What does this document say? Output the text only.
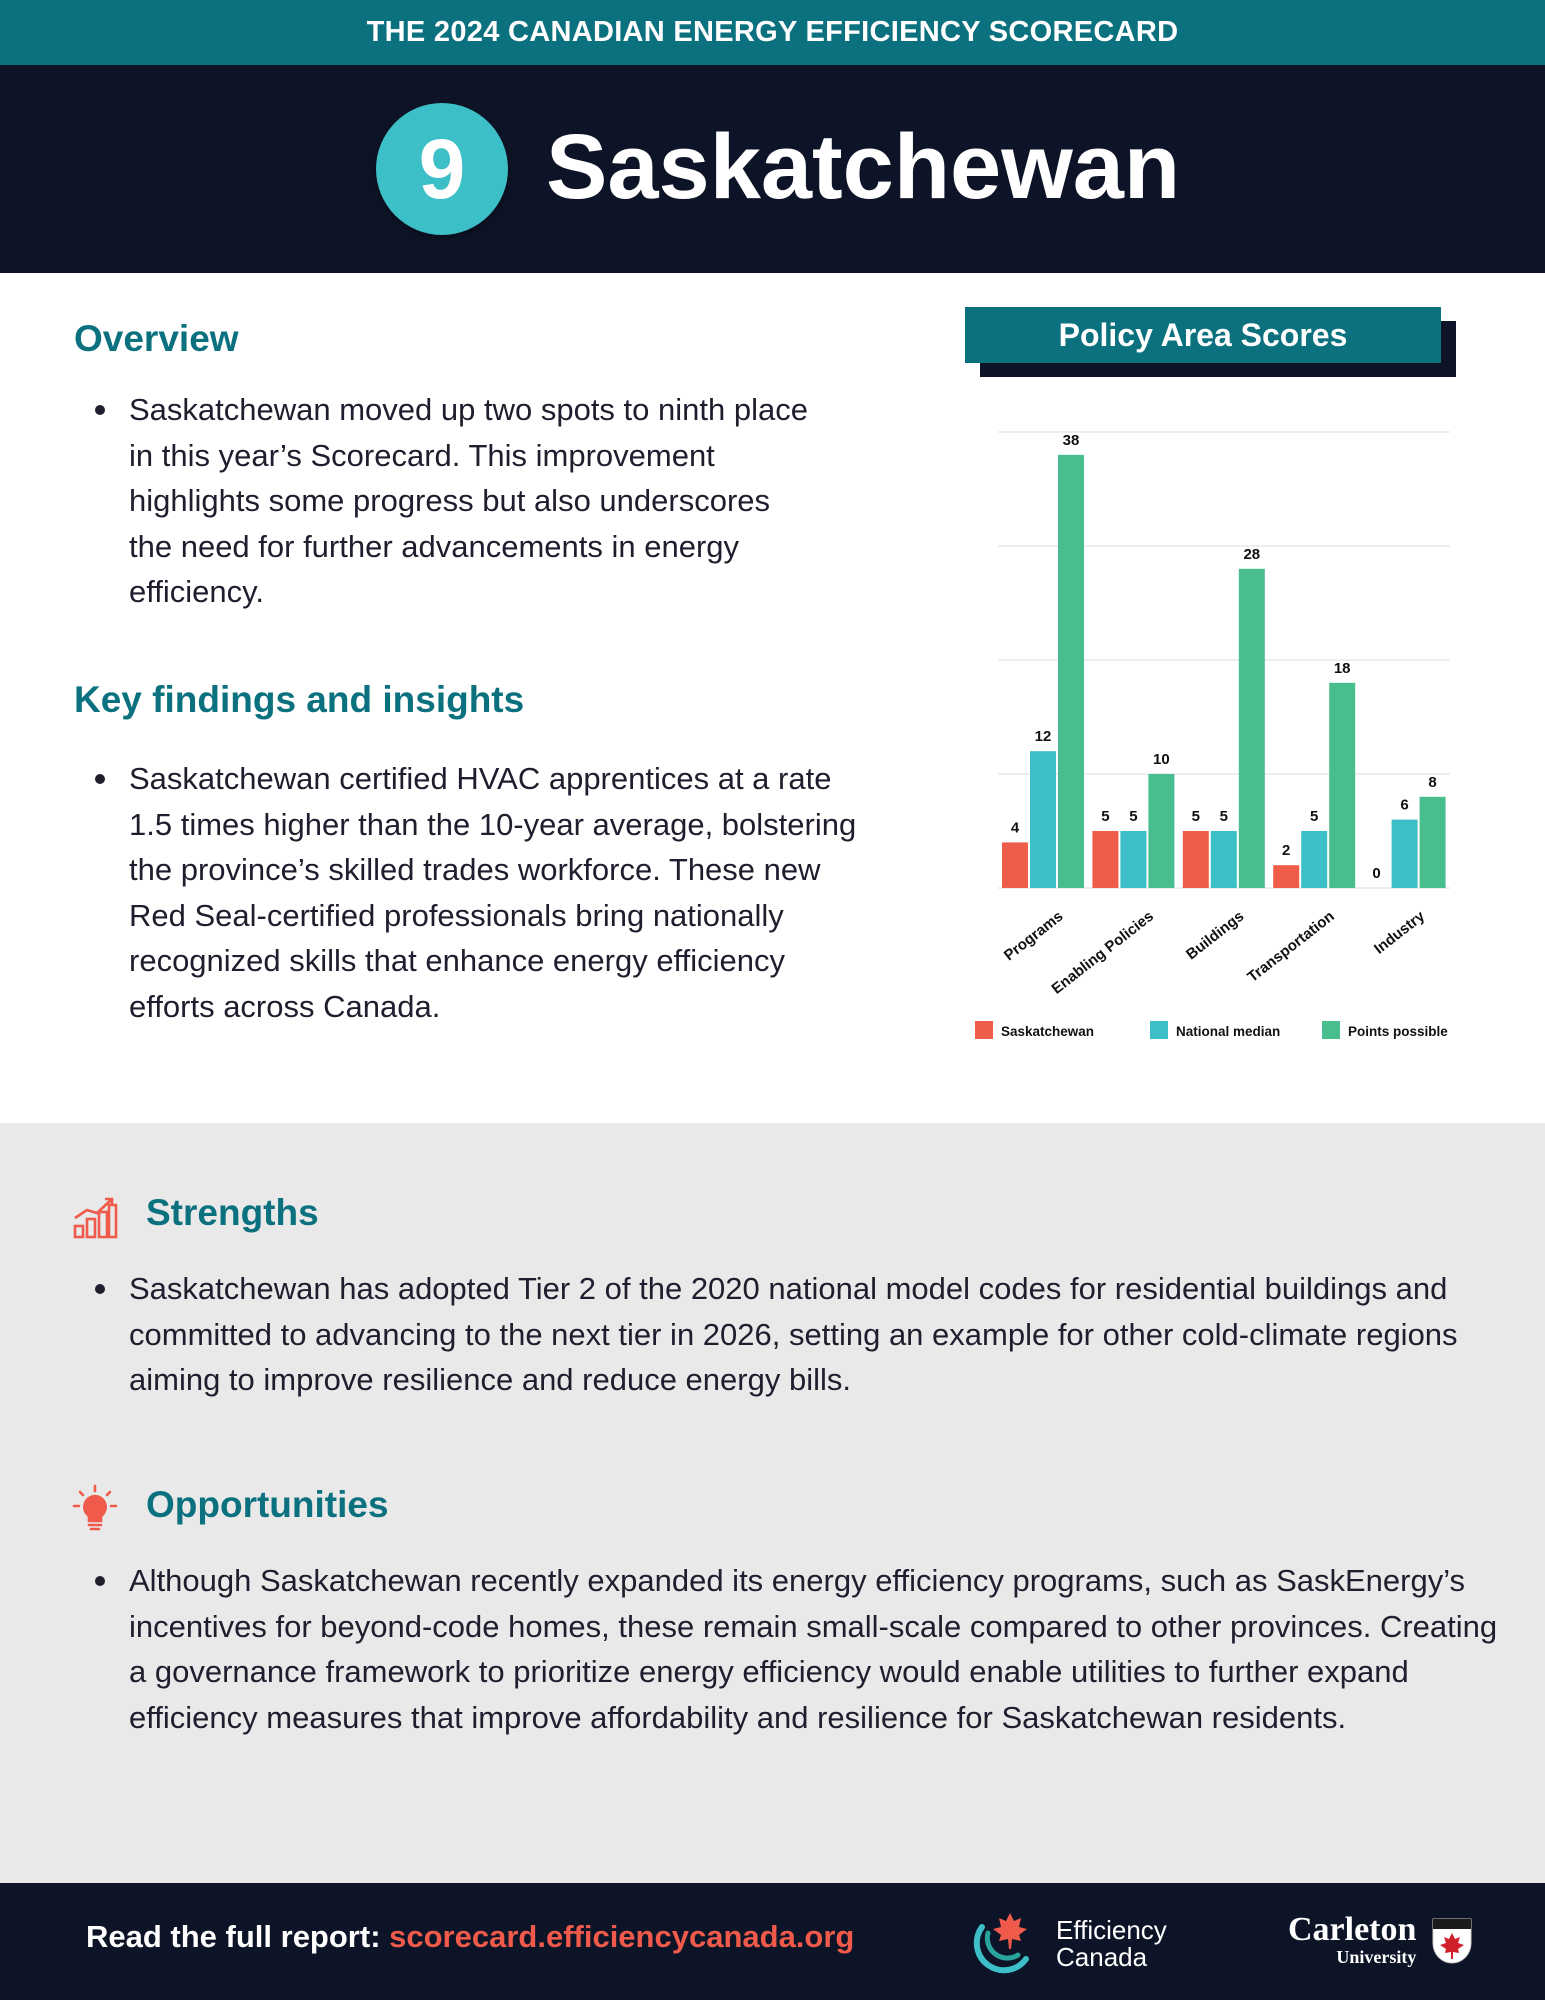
THE 2024 CANADIAN ENERGY EFFICIENCY SCORECARD
9 Saskatchewan
Overview
Saskatchewan moved up two spots to ninth place in this year’s Scorecard. This improvement highlights some progress but also underscores the need for further advancements in energy efficiency.
Key findings and insights
Saskatchewan certified HVAC apprentices at a rate 1.5 times higher than the 10-year average, bolstering the province’s skilled trades workforce. These new Red Seal-certified professionals bring nationally recognized skills that enhance energy efficiency efforts across Canada.
Policy Area Scores
4
12
38
Programs
5 5
10
Enabling Policies
5 5
28
Buildings
2
5
18
Transportation
0
6
8
Industry
Saskatchewan	National median	Points possible
Strengths
Saskatchewan has adopted Tier 2 of the 2020 national model codes for residential buildings and committed to advancing to the next tier in 2026, setting an example for other cold-climate regions aiming to improve resilience and reduce energy bills.
Opportunities
Although Saskatchewan recently expanded its energy efficiency programs, such as SaskEnergy’s incentives for beyond-code homes, these remain small-scale compared to other provinces. Creating a governance framework to prioritize energy efficiency would enable utilities to further expand efficiency measures that improve affordability and resilience for Saskatchewan residents.
Read the full report: scorecard.efficiencycanada.org	Efficiency
Canada
Carleton
University
